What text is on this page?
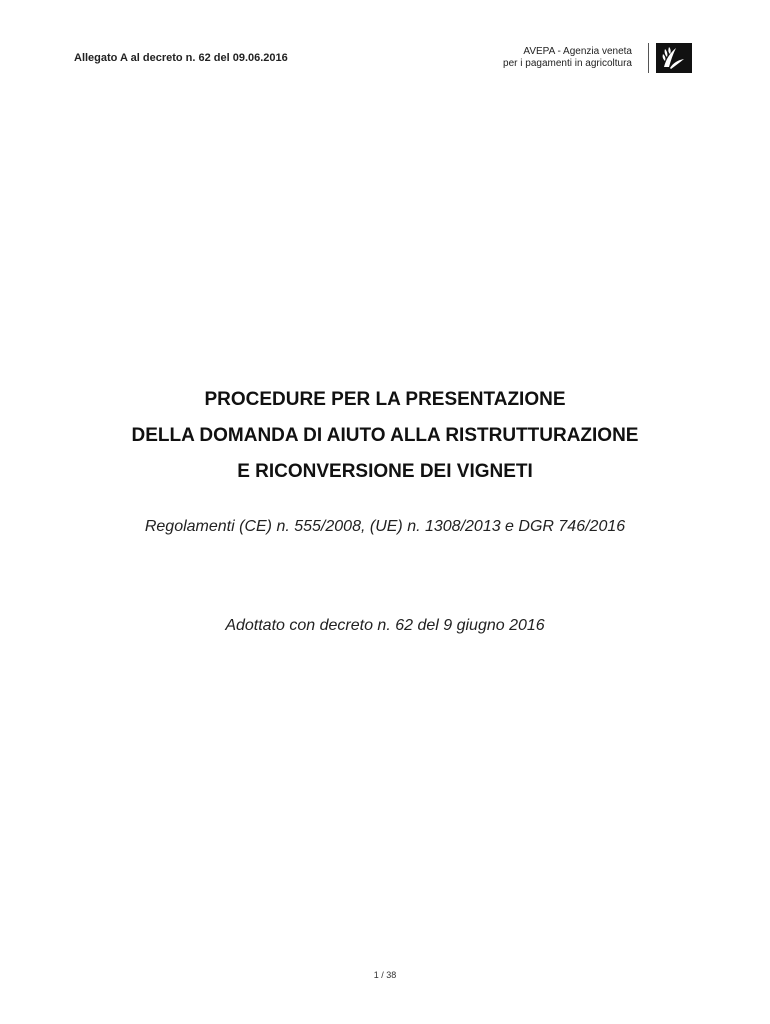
Allegato A al decreto n. 62 del 09.06.2016
AVEPA - Agenzia veneta
per i pagamenti in agricoltura
PROCEDURE PER LA PRESENTAZIONE
DELLA DOMANDA DI AIUTO ALLA RISTRUTTURAZIONE
E RICONVERSIONE DEI VIGNETI
Regolamenti (CE) n. 555/2008, (UE) n. 1308/2013 e DGR 746/2016
Adottato con decreto n. 62 del 9 giugno 2016
1 / 38
